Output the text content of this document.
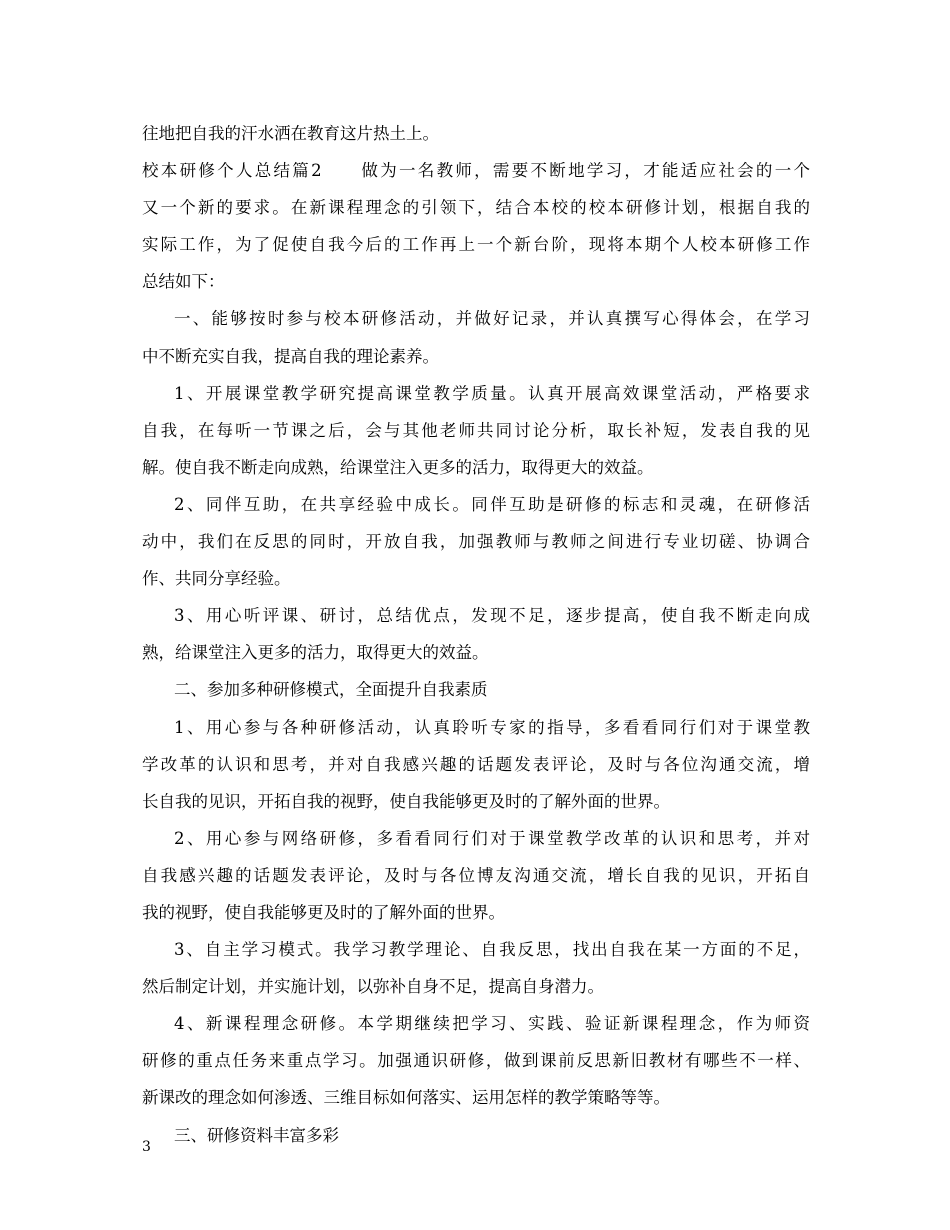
往地把自我的汗水洒在教育这片热土上。
校本研修个人总结篇2　　做为一名教师，需要不断地学习，才能适应社会的一个
又一个新的要求。在新课程理念的引领下，结合本校的校本研修计划，根据自我的
实际工作，为了促使自我今后的工作再上一个新台阶，现将本期个人校本研修工作
总结如下：
一、能够按时参与校本研修活动，并做好记录，并认真撰写心得体会，在学习
中不断充实自我，提高自我的理论素养。
1、开展课堂教学研究提高课堂教学质量。认真开展高效课堂活动，严格要求
自我，在每听一节课之后，会与其他老师共同讨论分析，取长补短，发表自我的见
解。使自我不断走向成熟，给课堂注入更多的活力，取得更大的效益。
2、同伴互助，在共享经验中成长。同伴互助是研修的标志和灵魂，在研修活
动中，我们在反思的同时，开放自我，加强教师与教师之间进行专业切磋、协调合
作、共同分享经验。
3、用心听评课、研讨，总结优点，发现不足，逐步提高，使自我不断走向成
熟，给课堂注入更多的活力，取得更大的效益。
二、参加多种研修模式，全面提升自我素质
1、用心参与各种研修活动，认真聆听专家的指导，多看看同行们对于课堂教
学改革的认识和思考，并对自我感兴趣的话题发表评论，及时与各位沟通交流，增
长自我的见识，开拓自我的视野，使自我能够更及时的了解外面的世界。
2、用心参与网络研修，多看看同行们对于课堂教学改革的认识和思考，并对
自我感兴趣的话题发表评论，及时与各位博友沟通交流，增长自我的见识，开拓自
我的视野，使自我能够更及时的了解外面的世界。
3、自主学习模式。我学习教学理论、自我反思，找出自我在某一方面的不足，
然后制定计划，并实施计划，以弥补自身不足，提高自身潜力。
4、新课程理念研修。本学期继续把学习、实践、验证新课程理念，作为师资
研修的重点任务来重点学习。加强通识研修，做到课前反思新旧教材有哪些不一样、
新课改的理念如何渗透、三维目标如何落实、运用怎样的教学策略等等。
三、研修资料丰富多彩
3
